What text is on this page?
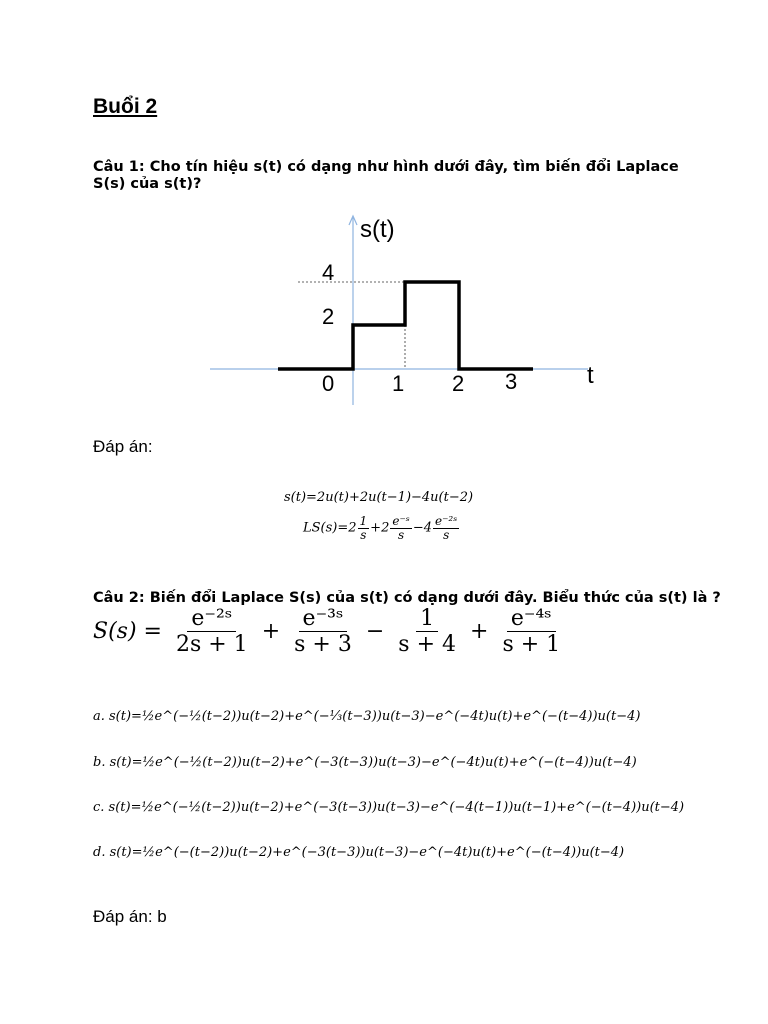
Buổi 2
Câu 1: Cho tín hiệu s(t) có dạng như hình dưới đây, tìm biến đổi Laplace S(s) của s(t)?
s(t)
t
4
2
0	1 2 3
Đáp án:
s(t)=2u(t)+2u(t−1)−4u(t−2)
$LS(s)=2 \frac{1}{s} +2 \frac{\text{e⁻ˢ}}{s} -4 \frac{\text{e⁻²ˢ}}{s}$
Câu 2: Biến đổi Laplace S(s) của s(t) có dạng dưới đây. Biểu thức của s(t) là ?
$S(s) = \frac{\text{e⁻²ˢ}}{2s + 1} + \frac{\text{e⁻³ˢ}}{s + 3} - \frac{1}{s + 4} + \frac{\text{e⁻⁴ˢ}}{s + 1}$
a. s(t)=½e^(−½(t−2))u(t−2)+e^(−⅓(t−3))u(t−3)−e^(−4t)u(t)+e^(−(t−4))u(t−4)
b. s(t)=½e^(−½(t−2))u(t−2)+e^(−3(t−3))u(t−3)−e^(−4t)u(t)+e^(−(t−4))u(t−4)
c. s(t)=½e^(−½(t−2))u(t−2)+e^(−3(t−3))u(t−3)−e^(−4(t−1))u(t−1)+e^(−(t−4))u(t−4)
d. s(t)=½e^(−(t−2))u(t−2)+e^(−3(t−3))u(t−3)−e^(−4t)u(t)+e^(−(t−4))u(t−4)
Đáp án: b
